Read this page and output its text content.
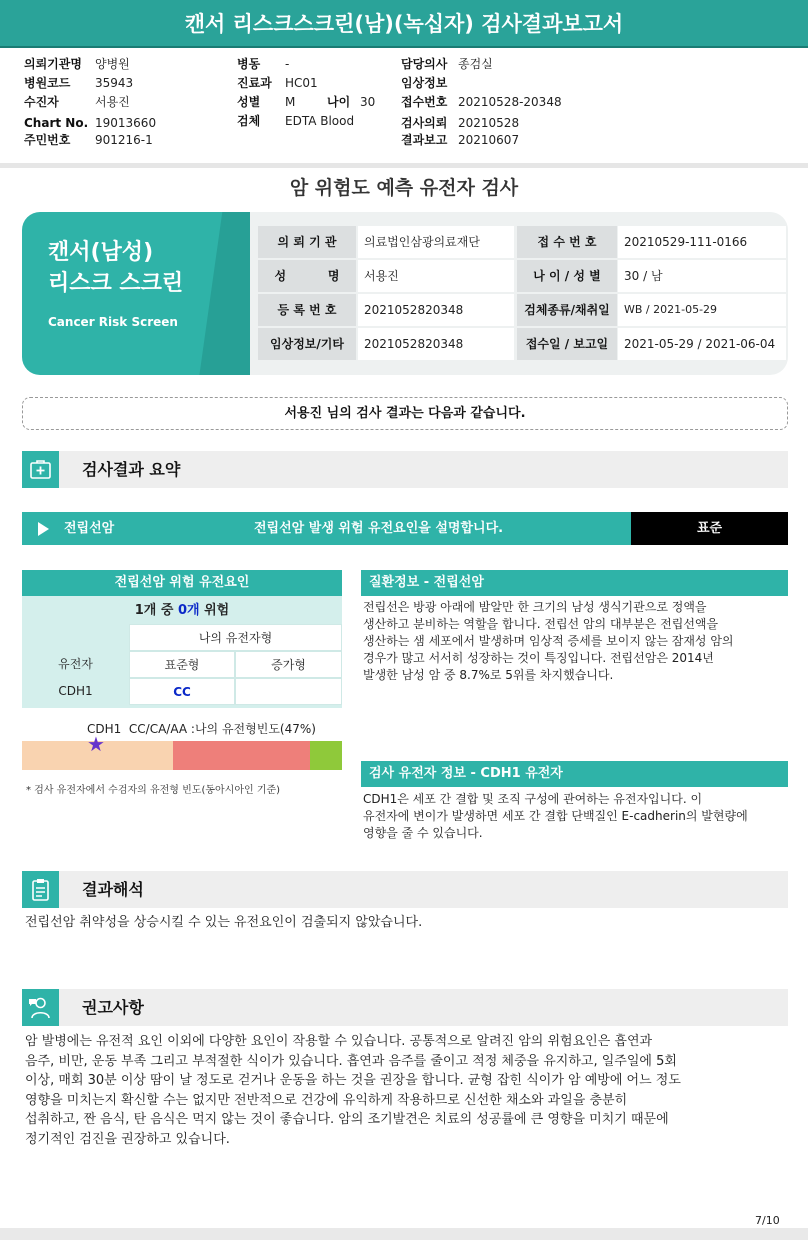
캔서 리스크스크린(남)(녹십자) 검사결과보고서
의뢰기관명 양병원
병원코드 35943
수진자	서용진
Chart No. 19013660
주민번호 901216-1
병동 -
진료과 HC01
성별 M	나이 30
검체 EDTA Blood
담당의사 종검실
임상정보
접수번호 20210528-20348
검사의뢰 20210528
결과보고 20210607
암 위험도 예측 유전자 검사
캔서(남성)
리스크 스크린
Cancer Risk Screen
의 뢰 기 관	의료법인삼광의료재단	접 수 번 호	20210529-111-0166
성          명	서용진	나 이 / 성 별	30 / 남
등 록 번 호	2021052820348	검체종류/채취일	WB / 2021-05-29
임상정보/기타	2021052820348	접수일 / 보고일	2021-05-29 / 2021-06-04
서용진 님의 검사 결과는 다음과 같습니다.
검사결과 요약
전립선암	전립선암 발생 위험 유전요인을 설명합니다.	표준
전립선암 위험 유전요인
1개 중 0개 위험
나의 유전자형
유전자	표준형	증가형
CDH1	CC
CDH1 CC/CA/AA :나의 유전형빈도(47%)
★
* 검사 유전자에서 수검자의 유전형 빈도(동아시아인 기준)
질환정보 - 전립선암
전립선은 방광 아래에 밤알만 한 크기의 남성 생식기관으로 정액을
생산하고 분비하는 역할을 합니다. 전립선 암의 대부분은 전립선액을
생산하는 샘 세포에서 발생하며 임상적 증세를 보이지 않는 잠재성 암의
경우가 많고 서서히 성장하는 것이 특징입니다. 전립선암은 2014년
발생한 남성 암 중 8.7%로 5위를 차지했습니다.
검사 유전자 정보 - CDH1 유전자
CDH1은 세포 간 결합 및 조직 구성에 관여하는 유전자입니다. 이
유전자에 변이가 발생하면 세포 간 결합 단백질인 E-cadherin의 발현량에
영향을 줄 수 있습니다.
결과해석
전립선암 취약성을 상승시킬 수 있는 유전요인이 검출되지 않았습니다.
권고사항
암 발병에는 유전적 요인 이외에 다양한 요인이 작용할 수 있습니다. 공통적으로 알려진 암의 위험요인은 흡연과
음주, 비만, 운동 부족 그리고 부적절한 식이가 있습니다. 흡연과 음주를 줄이고 적정 체중을 유지하고, 일주일에 5회
이상, 매회 30분 이상 땀이 날 정도로 걷거나 운동을 하는 것을 권장을 합니다. 균형 잡힌 식이가 암 예방에 어느 정도
영향을 미치는지 확신할 수는 없지만 전반적으로 건강에 유익하게 작용하므로 신선한 채소와 과일을 충분히
섭취하고, 짠 음식, 탄 음식은 먹지 않는 것이 좋습니다. 암의 조기발견은 치료의 성공률에 큰 영향을 미치기 때문에
정기적인 검진을 권장하고 있습니다.
7/10
